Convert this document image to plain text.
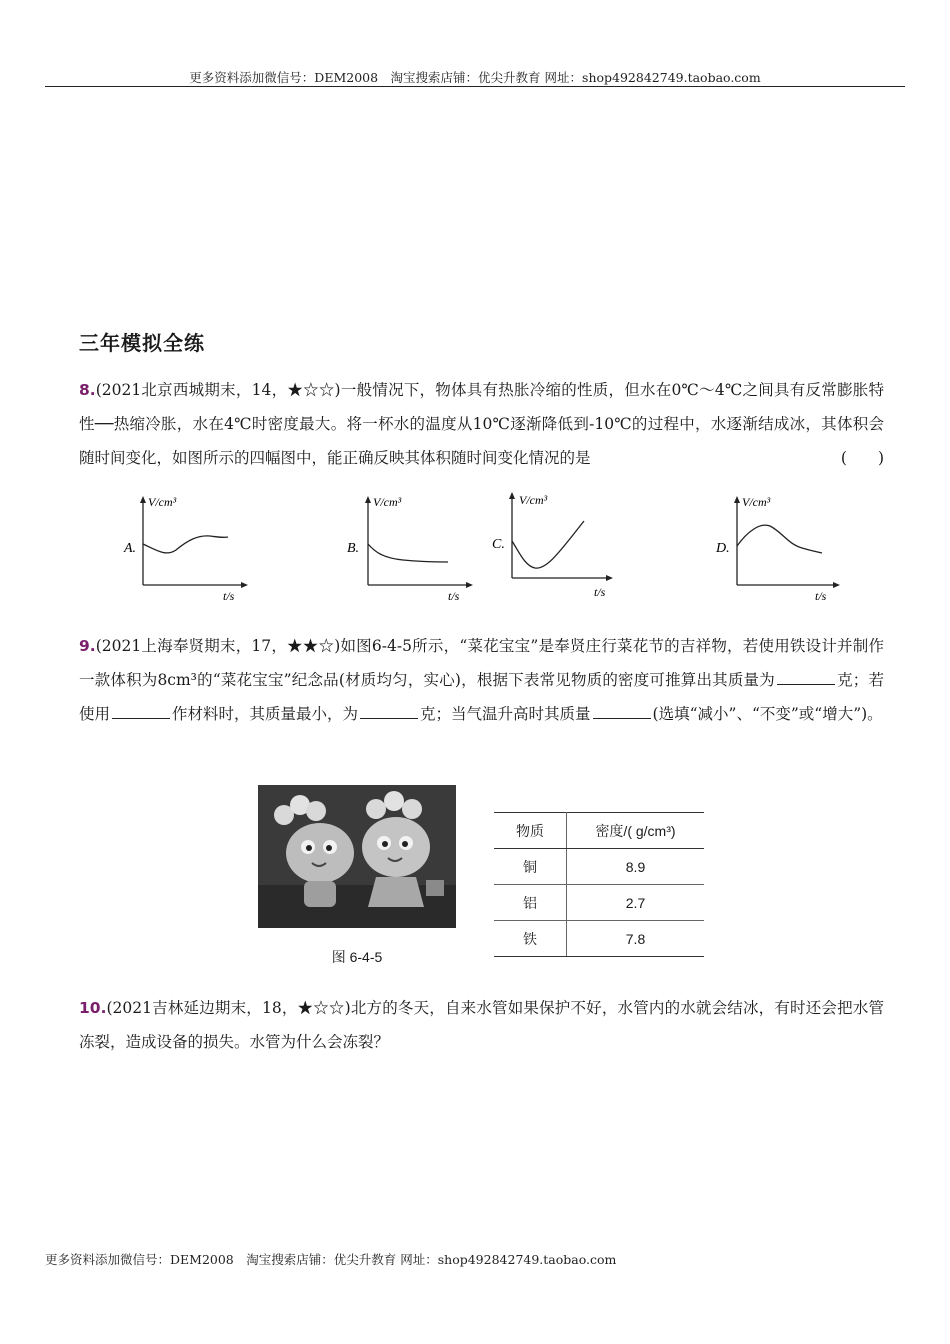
更多资料添加微信号：DEM2008　淘宝搜索店铺：优尖升教育 网址：shop492842749.taobao.com
三年模拟全练
8.(2021北京西城期末，14，★☆☆)一般情况下，物体具有热胀冷缩的性质，但水在0℃～4℃之间具有反常膨胀特性──热缩冷胀，水在4℃时密度最大。将一杯水的温度从10℃逐渐降低到-10℃的过程中，水逐渐结成冰，其体积会随时间变化，如图所示的四幅图中，能正确反映其体积随时间变化情况的是	(　　)
A.
V/cm³
t/s
B.
V/cm³
t/s
C.
V/cm³
t/s
D.
V/cm³
t/s
9.(2021上海奉贤期末，17，★★☆)如图6-4-5所示，“菜花宝宝”是奉贤庄行菜花节的吉祥物，若使用铁设计并制作一款体积为8cm³的“菜花宝宝”纪念品(材质均匀，实心)，根据下表常见物质的密度可推算出其质量为	克；若使用	作材料时，其质量最小，为	克；当气温升高时其质量	(选填“减小”、“不变”或“增大”)。
图 6-4-5
物质	密度/( g/cm³)
铜	8.9
铝	2.7
铁	7.8
10.(2021吉林延边期末，18，★☆☆)北方的冬天，自来水管如果保护不好，水管内的水就会结冰，有时还会把水管冻裂，造成设备的损失。水管为什么会冻裂？
更多资料添加微信号：DEM2008　淘宝搜索店铺：优尖升教育 网址：shop492842749.taobao.com
